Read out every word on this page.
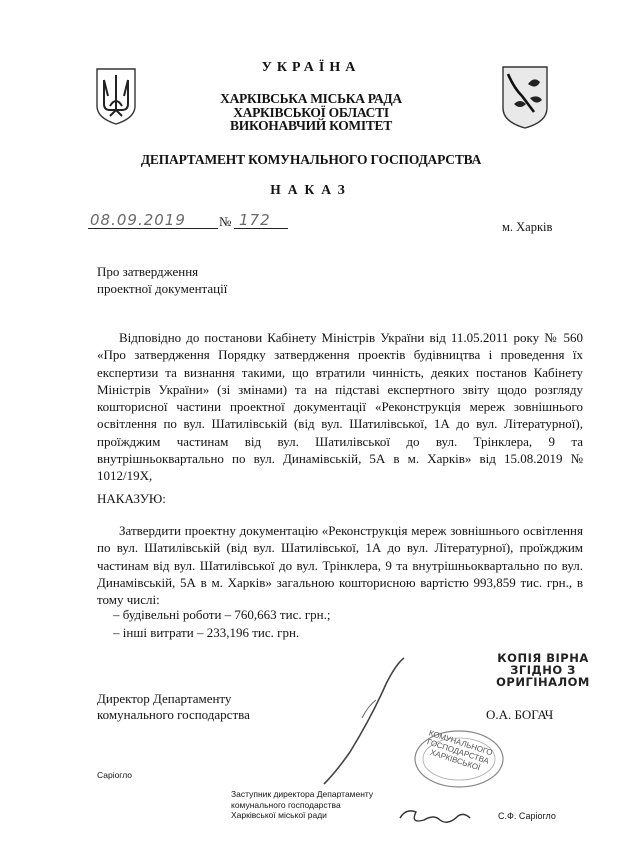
УКРАЇНА
ХАРКІВСЬКА МІСЬКА РАДА
ХАРКІВСЬКОЇ ОБЛАСТІ
ВИКОНАВЧИЙ КОМІТЕТ
ДЕПАРТАМЕНТ КОМУНАЛЬНОГО ГОСПОДАРСТВА
НАКАЗ
08.09.2019	№ 172	м. Харків
Про затвердження
проектної документації
Відповідно до постанови Кабінету Міністрів України від 11.05.2011 року № 560 «Про затвердження Порядку затвердження проектів будівництва і проведення їх експертизи та визнання такими, що втратили чинність, деяких постанов Кабінету Міністрів України» (зі змінами) та на підставі експертного звіту щодо розгляду кошторисної частини проектної документації «Реконструкція мереж зовнішнього освітлення по вул. Шатилівській (від вул. Шатилівської, 1А до вул. Літературної), проїжджим частинам від вул. Шатилівської до вул. Трінклера, 9 та внутрішньоквартально по вул. Динамівській, 5А в м. Харків» від 15.08.2019 № 1012/19Х,
НАКАЗУЮ:
Затвердити проектну документацію «Реконструкція мереж зовнішнього освітлення по вул. Шатилівській (від вул. Шатилівської, 1А до вул. Літературної), проїжджим частинам від вул. Шатилівської до вул. Трінклера, 9 та внутрішньоквартально по вул. Динамівській, 5А в м. Харків» загальною кошторисною вартістю 993,859 тис. грн., в тому числі:
– будівельні роботи – 760,663 тис. грн.;
– інші витрати – 233,196 тис. грн.
КОПІЯ ВІРНА
ЗГІДНО З
ОРИГІНАЛОМ
Директор Департаменту
комунального господарства	О.А. БОГАЧ
КОМУНАЛЬНОГО ГОСПОДАРСТВА ХАРКІВСЬКОЇ
Саріогло
Заступник директора Департаменту
комунального господарства
Харківської міської ради	С.Ф. Саріогло
